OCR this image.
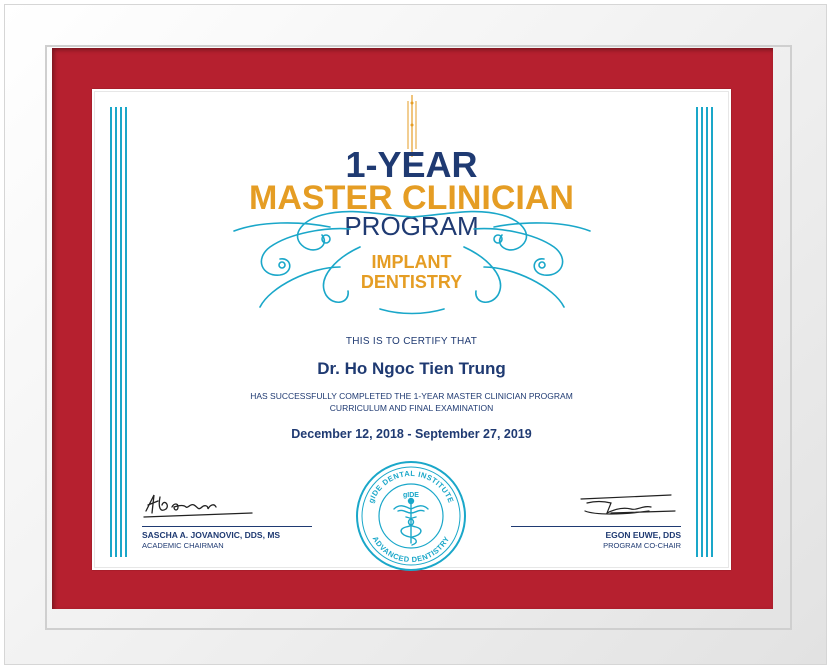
1-YEAR
MASTER CLINICIAN
PROGRAM
IMPLANT
DENTISTRY
THIS IS TO CERTIFY THAT
Dr. Ho Ngoc Tien Trung
HAS SUCCESSFULLY COMPLETED THE 1-YEAR MASTER CLINICIAN PROGRAM
CURRICULUM AND FINAL EXAMINATION
December 12, 2018 - September 27, 2019
SASCHA A. JOVANOVIC, DDS, MS
ACADEMIC CHAIRMAN
EGON EUWE, DDS
PROGRAM CO-CHAIR
gIDE DENTAL INSTITUTE
ADVANCED DENTISTRY
gIDE
